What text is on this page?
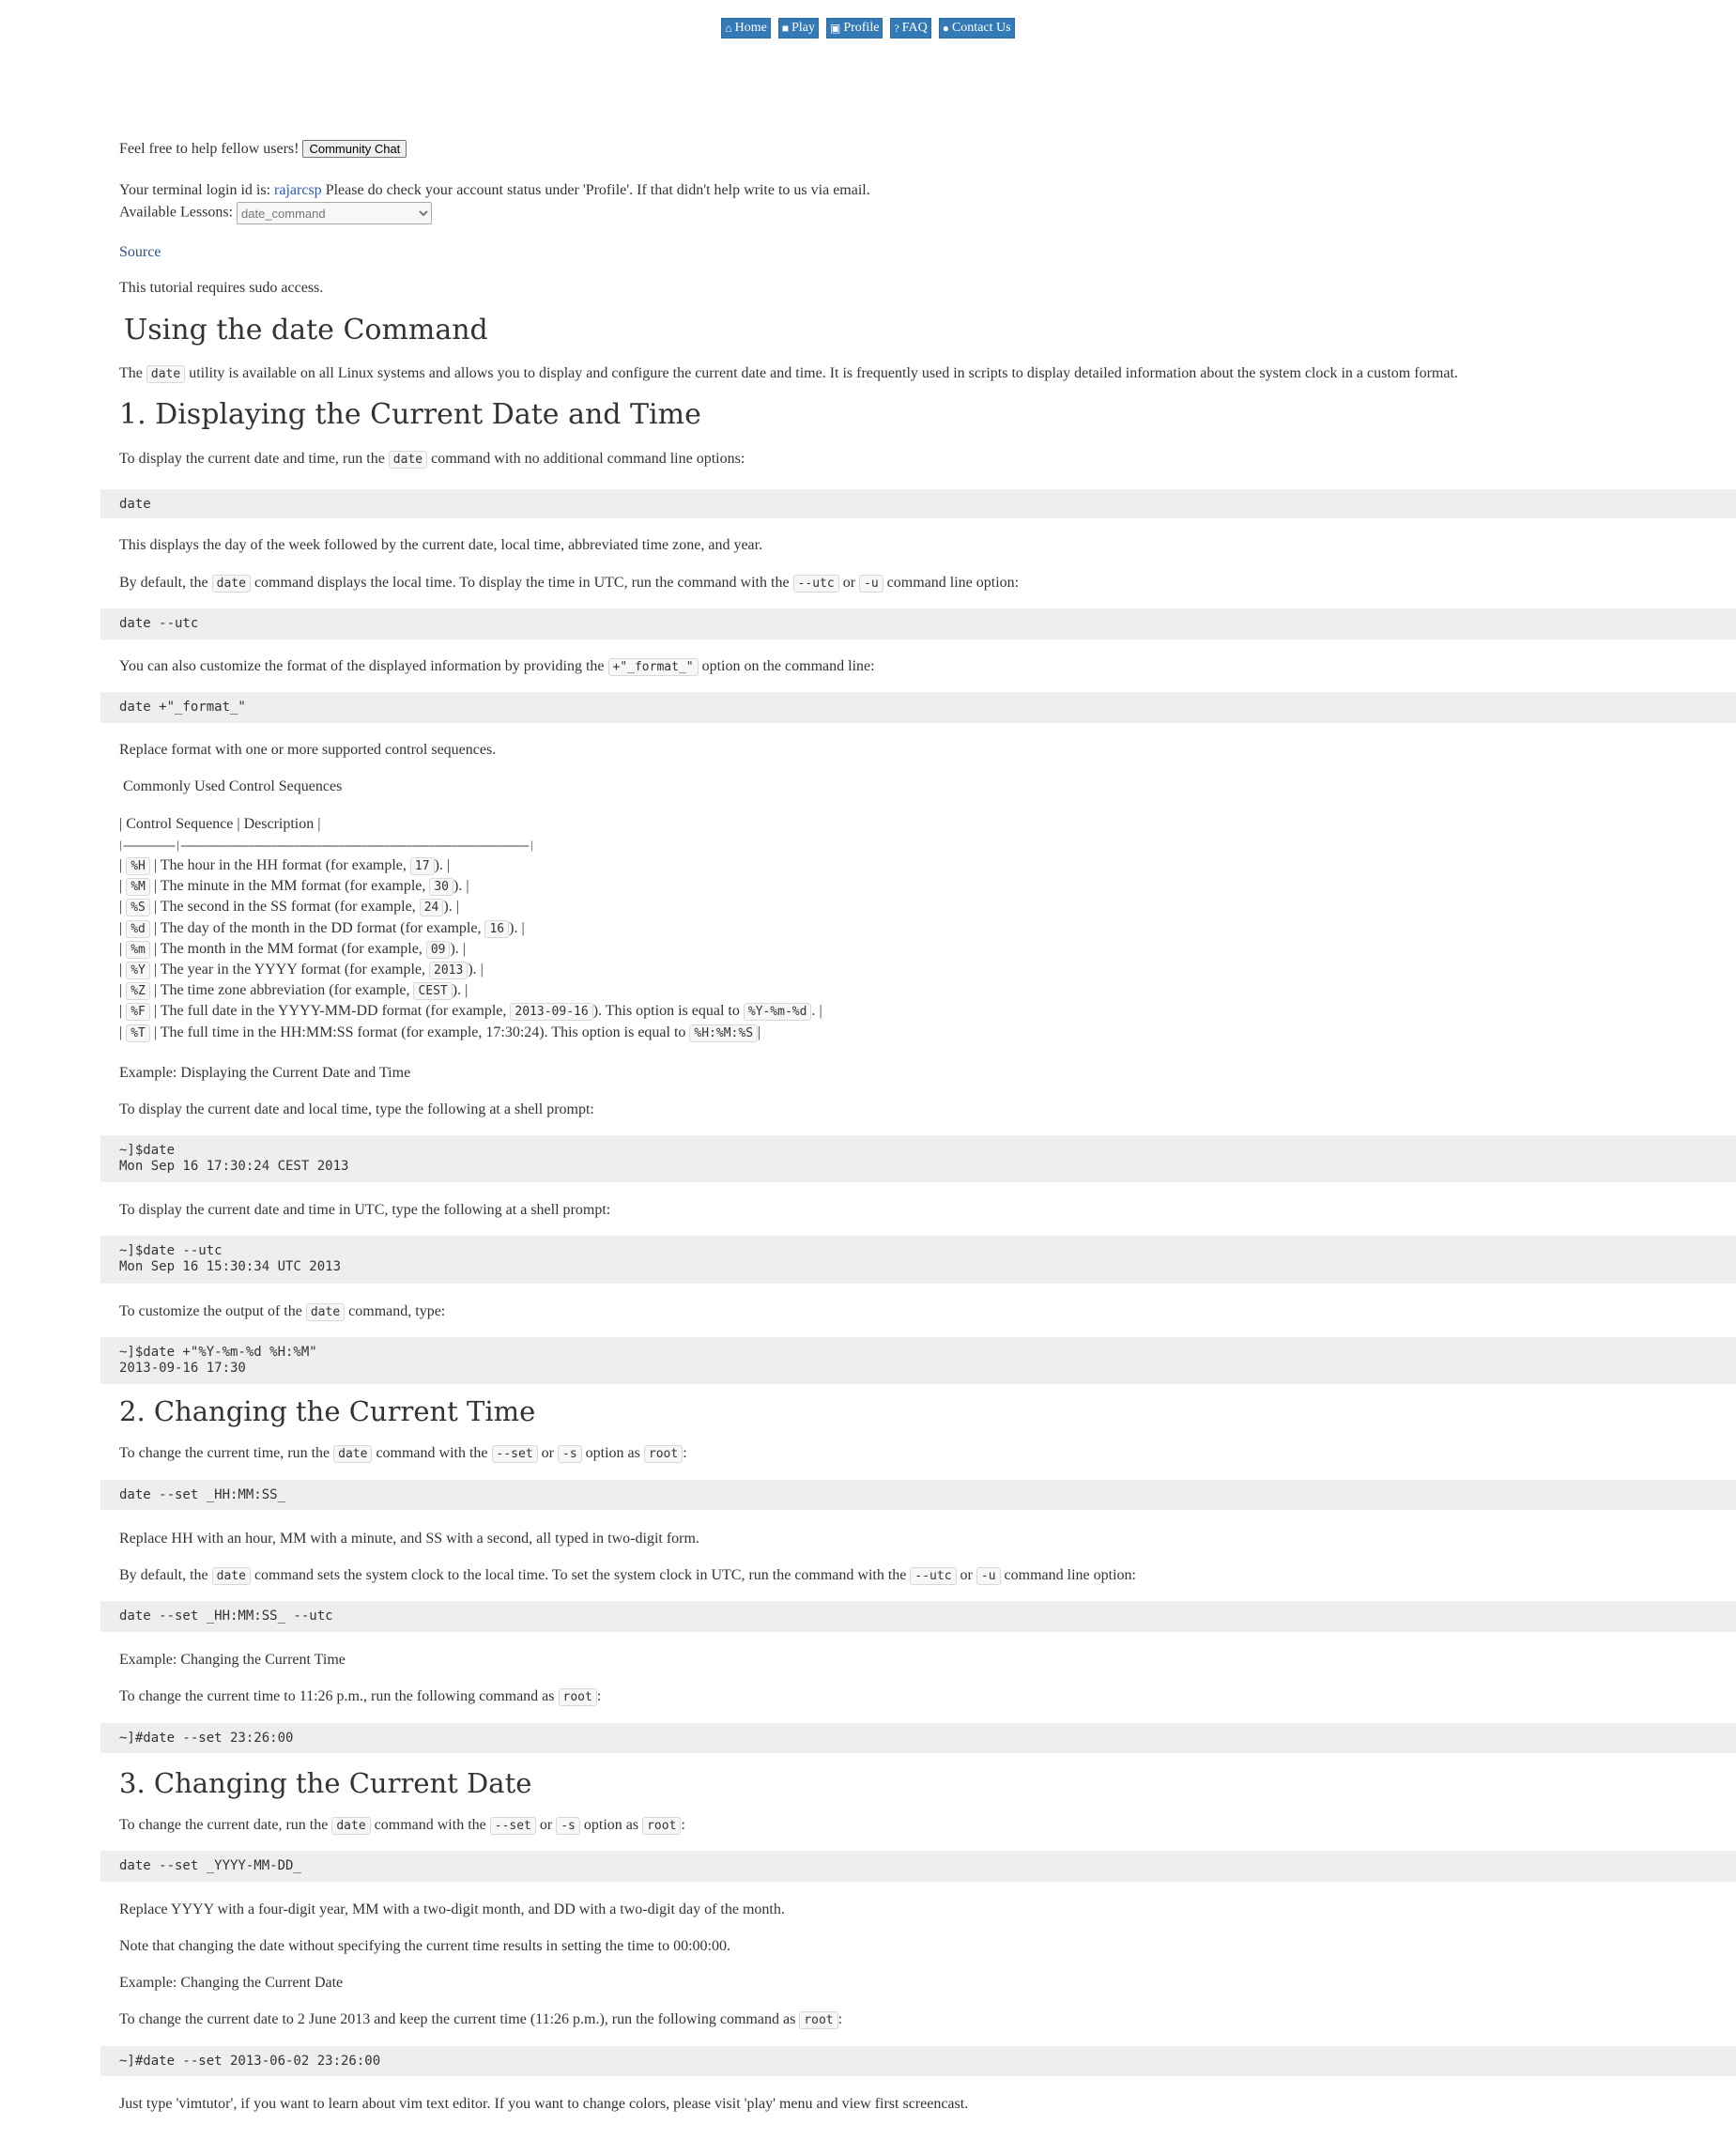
⌂ Home ■ Play ▣ Profile ? FAQ ● Contact Us
Feel free to help fellow users! Community Chat
Your terminal login id is: rajarcsp Please do check your account status under 'Profile'. If that didn't help write to us via email.
Available Lessons:
date_command
Source
This tutorial requires sudo access.
Using the date Command
The date utility is available on all Linux systems and allows you to display and configure the current date and time. It is frequently used in scripts to display detailed information about the system clock in a custom format.
1. Displaying the Current Date and Time
To display the current date and time, run the date command with no additional command line options:
date
This displays the day of the week followed by the current date, local time, abbreviated time zone, and year.
By default, the date command displays the local time. To display the time in UTC, run the command with the --utc or -u command line option:
date --utc
You can also customize the format of the displayed information by providing the +"_format_" option on the command line:
date +"_format_"
Replace format with one or more supported control sequences.
Commonly Used Control Sequences
| Control Sequence | Description |
| ---------------- | ------------------------------------------------------------------------------------------------------------ |
| %H | The hour in the HH format (for example, 17 ). |
| %M | The minute in the MM format (for example, 30 ). |
| %S | The second in the SS format (for example, 24 ). |
| %d | The day of the month in the DD format (for example, 16 ). |
| %m | The month in the MM format (for example, 09 ). |
| %Y | The year in the YYYY format (for example, 2013 ). |
| %Z | The time zone abbreviation (for example, CEST ). |
| %F | The full date in the YYYY-MM-DD format (for example, 2013-09-16 ). This option is equal to %Y-%m-%d . |
| %T | The full time in the HH:MM:SS format (for example, 17:30:24). This option is equal to %H:%M:%S |
Example: Displaying the Current Date and Time
To display the current date and local time, type the following at a shell prompt:
~]$date
Mon Sep 16 17:30:24 CEST 2013
To display the current date and time in UTC, type the following at a shell prompt:
~]$date --utc
Mon Sep 16 15:30:34 UTC 2013
To customize the output of the date command, type:
~]$date +"%Y-%m-%d %H:%M"
2013-09-16 17:30
2. Changing the Current Time
To change the current time, run the date command with the --set or -s option as root :
date --set _HH:MM:SS_
Replace HH with an hour, MM with a minute, and SS with a second, all typed in two-digit form.
By default, the date command sets the system clock to the local time. To set the system clock in UTC, run the command with the --utc or -u command line option:
date --set _HH:MM:SS_ --utc
Example: Changing the Current Time
To change the current time to 11:26 p.m., run the following command as root :
~]#date --set 23:26:00
3. Changing the Current Date
To change the current date, run the date command with the --set or -s option as root :
date --set _YYYY-MM-DD_
Replace YYYY with a four-digit year, MM with a two-digit month, and DD with a two-digit day of the month.
Note that changing the date without specifying the current time results in setting the time to 00:00:00.
Example: Changing the Current Date
To change the current date to 2 June 2013 and keep the current time (11:26 p.m.), run the following command as root :
~]#date --set 2013-06-02 23:26:00
Just type 'vimtutor', if you want to learn about vim text editor. If you want to change colors, please visit 'play' menu and view first screencast.
